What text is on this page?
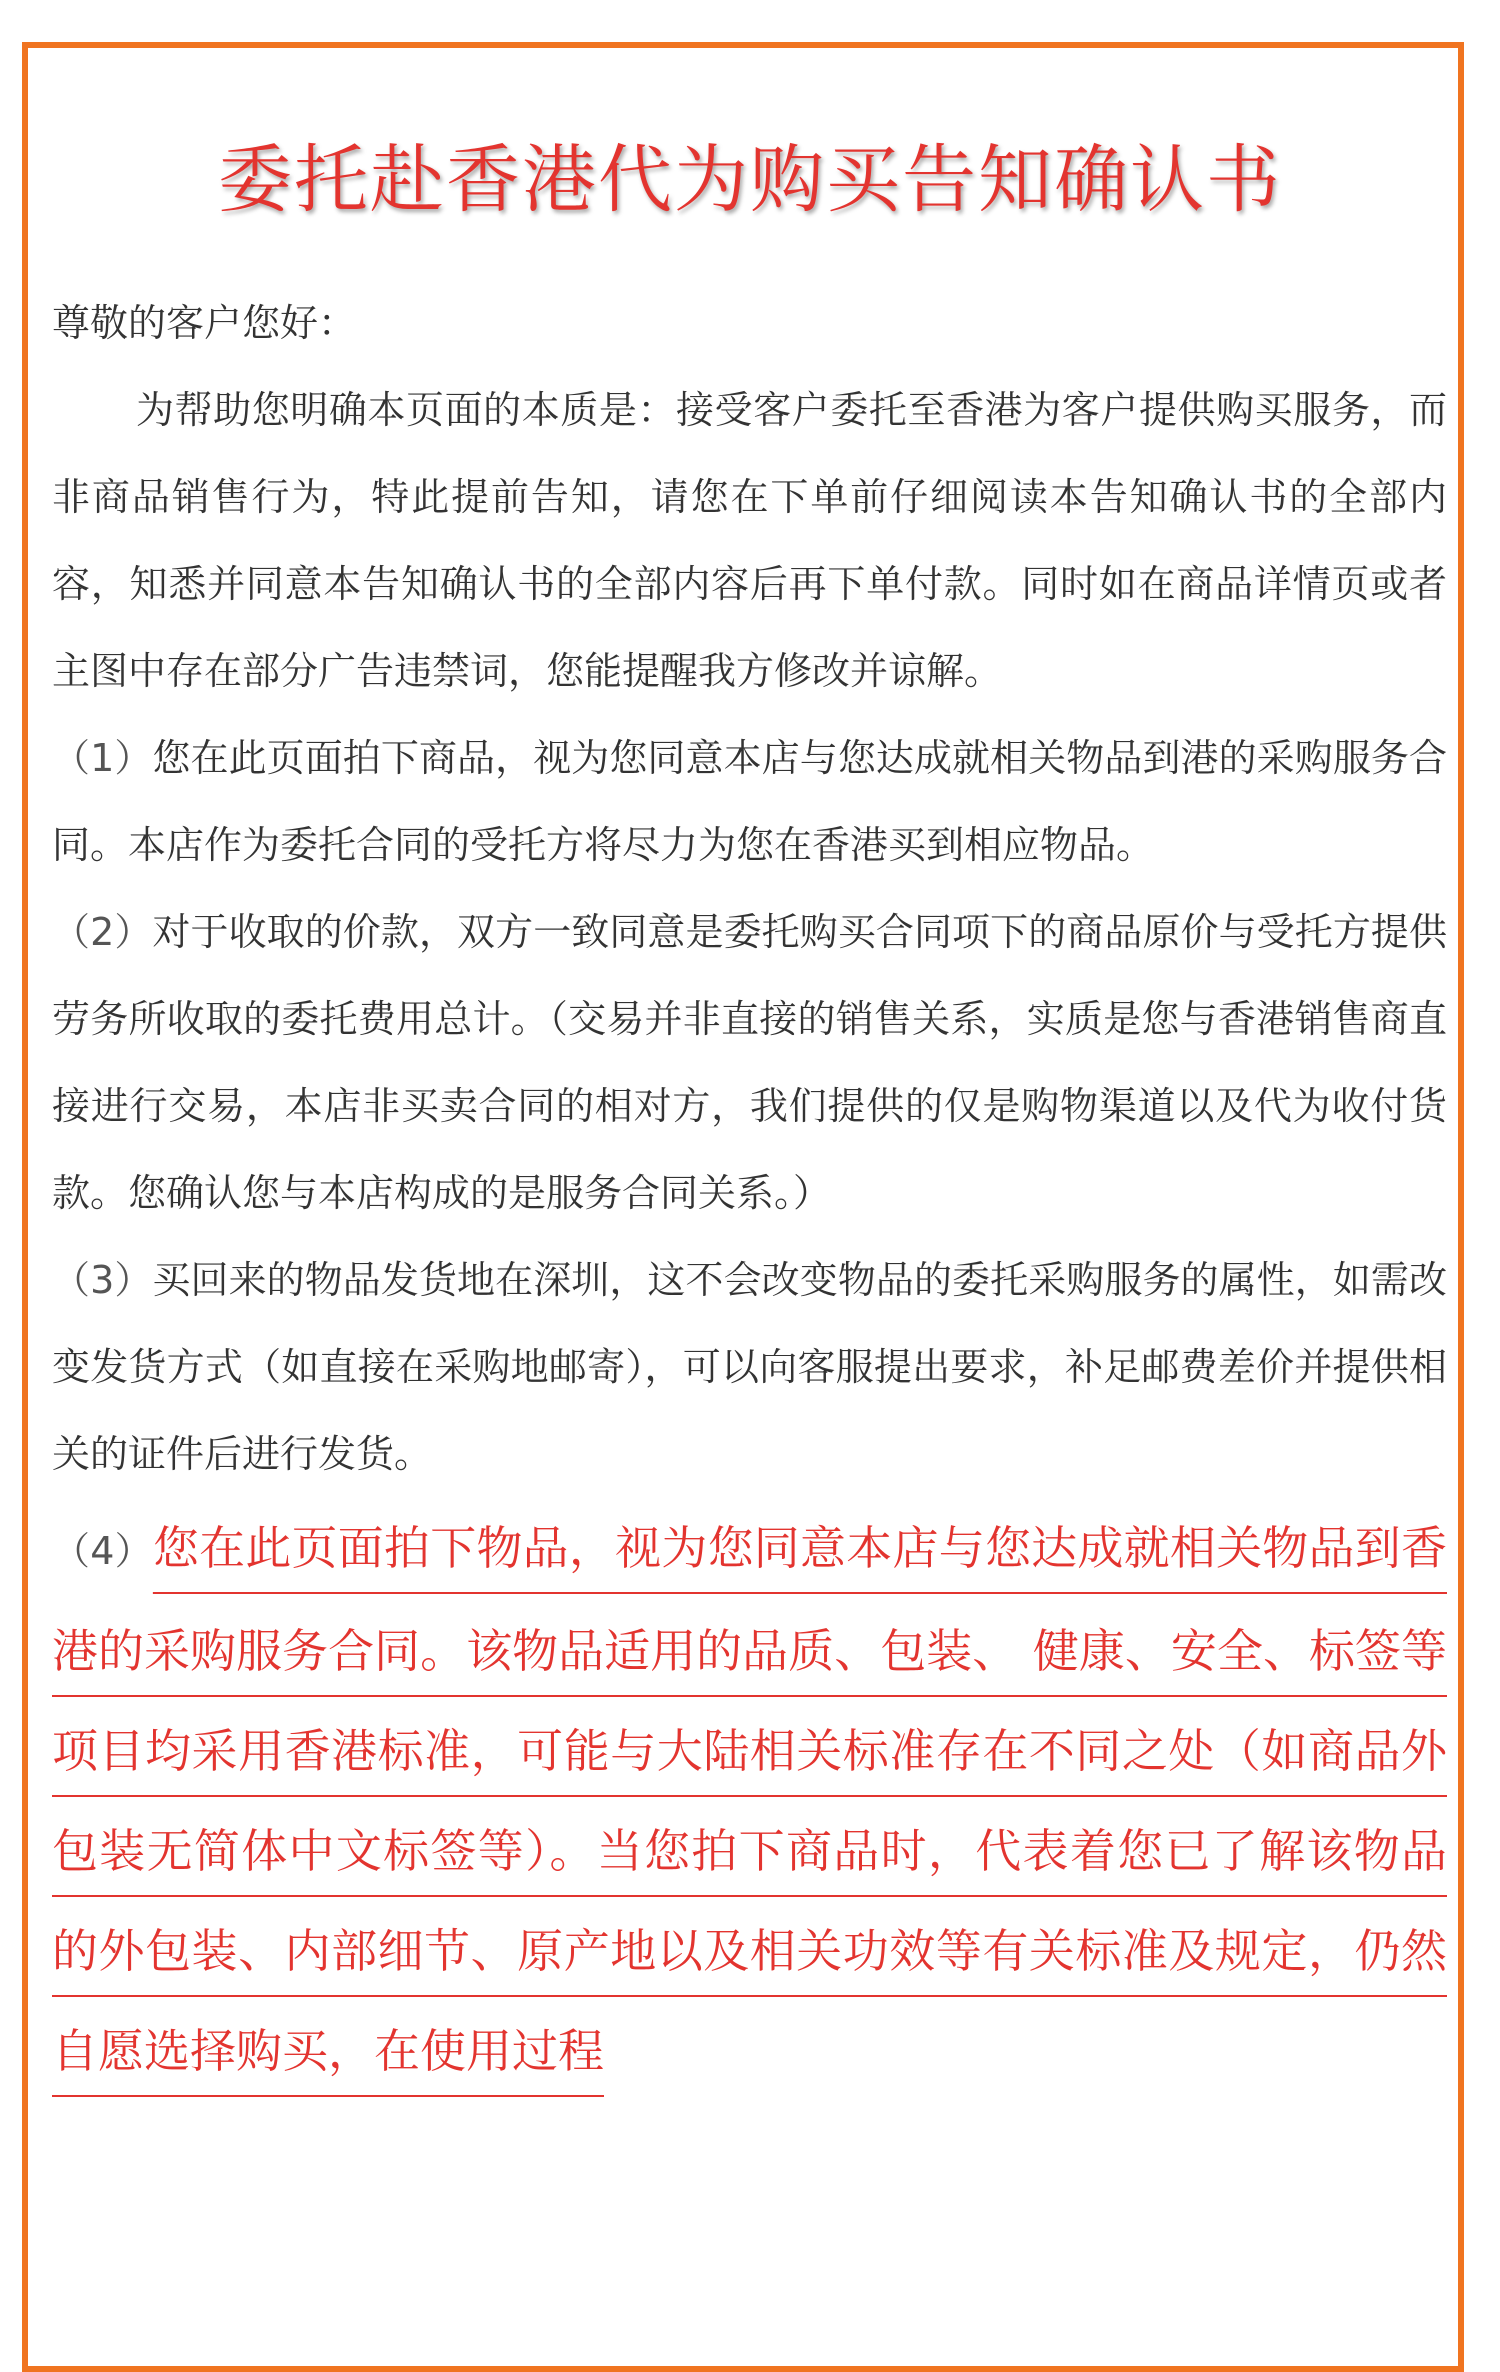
委托赴香港代为购买告知确认书

尊敬的客户您好：

为帮助您明确本页面的本质是：接受客户委托至香港为客户提供购买服务，而非商品销售行为，特此提前告知，请您在下单前仔细阅读本告知确认书的全部内容，知悉并同意本告知确认书的全部内容后再下单付款。同时如在商品详情页或者主图中存在部分广告违禁词，您能提醒我方修改并谅解。

（1）您在此页面拍下商品，视为您同意本店与您达成就相关物品到港的采购服务合同。本店作为委托合同的受托方将尽力为您在香港买到相应物品。

（2）对于收取的价款，双方一致同意是委托购买合同项下的商品原价与受托方提供劳务所收取的委托费用总计。（交易并非直接的销售关系，实质是您与香港销售商直接进行交易，本店非买卖合同的相对方，我们提供的仅是购物渠道以及代为收付货款。您确认您与本店构成的是服务合同关系。）

（3）买回来的物品发货地在深圳，这不会改变物品的委托采购服务的属性，如需改变发货方式（如直接在采购地邮寄），可以向客服提出要求，补足邮费差价并提供相关的证件后进行发货。

（4）您在此页面拍下物品，视为您同意本店与您达成就相关物品到香港的采购服务合同。该物品适用的品质、包装、 健康、安全、标签等项目均采用香港标准，可能与大陆相关标准存在不同之处（如商品外包装无简体中文标签等）。当您拍下商品时，代表着您已了解该物品的外包装、内部细节、原产地以及相关功效等有关标准及规定，仍然自愿选择购买，在使用过程
